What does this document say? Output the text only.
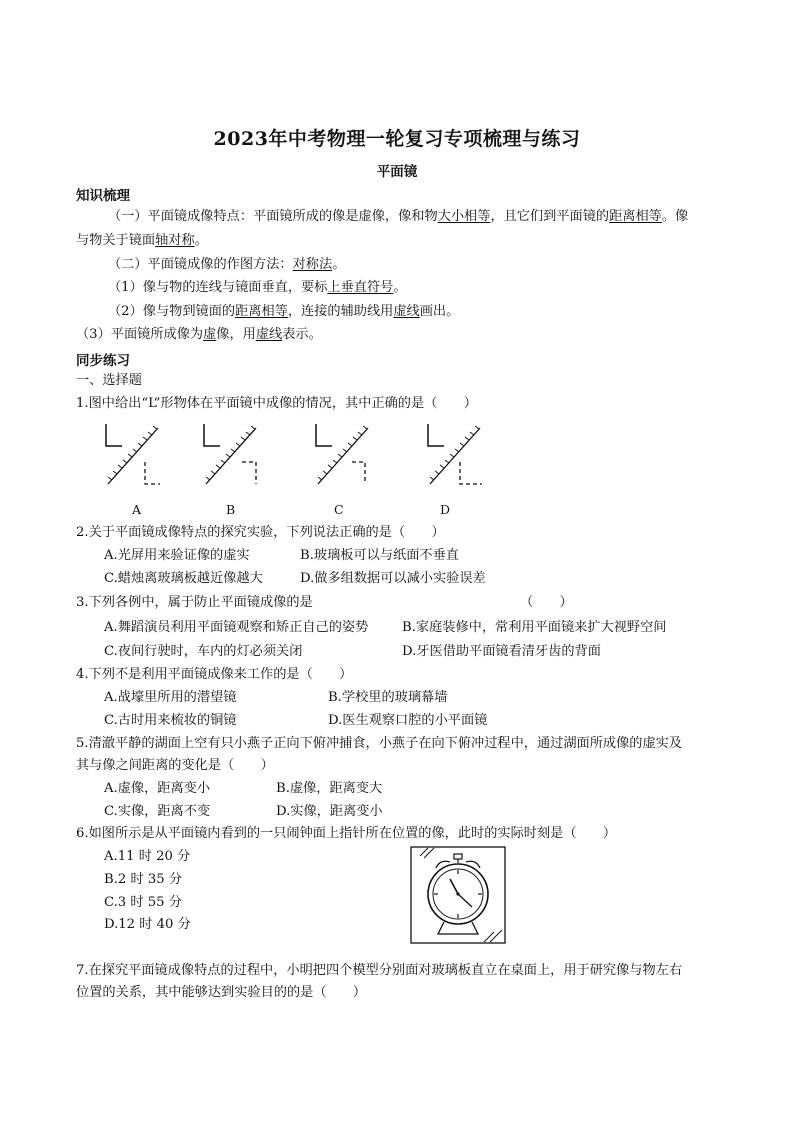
2023年中考物理一轮复习专项梳理与练习
平面镜
知识梳理
（一）平面镜成像特点：平面镜所成的像是虚像，像和物大小相等，且它们到平面镜的距离相等。像
与物关于镜面轴对称。
（二）平面镜成像的作图方法：对称法。
（1）像与物的连线与镜面垂直，要标上垂直符号。
（2）像与物到镜面的距离相等，连接的辅助线用虚线画出。
（3）平面镜所成像为虚像，用虚线表示。
同步练习
一、选择题
1.图中给出“L”形物体在平面镜中成像的情况，其中正确的是（　　）
A	B	C	D
2.关于平面镜成像特点的探究实验，下列说法正确的是（　　）
A.光屏用来验证像的虚实	B.玻璃板可以与纸面不垂直
C.蜡烛离玻璃板越近像越大	D.做多组数据可以减小实验误差
3.下列各例中，属于防止平面镜成像的是	（　　）
A.舞蹈演员利用平面镜观察和矫正自己的姿势	B.家庭装修中，常利用平面镜来扩大视野空间
C.夜间行驶时，车内的灯必须关闭	D.牙医借助平面镜看清牙齿的背面
4.下列不是利用平面镜成像来工作的是（　　）
A.战壕里所用的潜望镜	B.学校里的玻璃幕墙
C.古时用来梳妆的铜镜	D.医生观察口腔的小平面镜
5.清澈平静的湖面上空有只小燕子正向下俯冲捕食，小燕子在向下俯冲过程中，通过湖面所成像的虚实及
其与像之间距离的变化是（　　）
A.虚像，距离变小	B.虚像，距离变大
C.实像，距离不变	D.实像，距离变小
6.如图所示是从平面镜内看到的一只闹钟面上指针所在位置的像，此时的实际时刻是（　　）
A.11 时 20 分
B.2 时 35 分
C.3 时 55 分
D.12 时 40 分
7.在探究平面镜成像特点的过程中，小明把四个模型分别面对玻璃板直立在桌面上，用于研究像与物左右
位置的关系，其中能够达到实验目的的是（　　）
